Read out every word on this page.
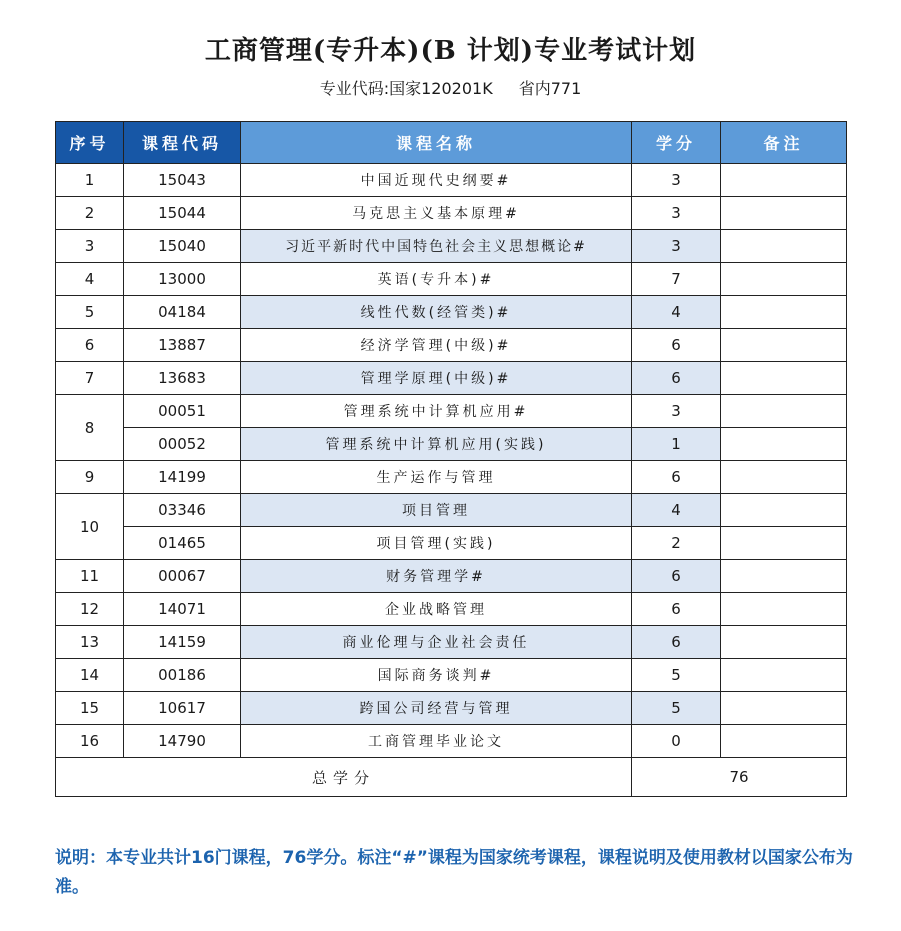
工商管理(专升本)(B 计划)专业考试计划
专业代码:国家120201K 省内771
序号	课程代码	课程名称	学分	备注
1	15043	中国近现代史纲要#	3	
2	15044	马克思主义基本原理#	3	
3	15040	习近平新时代中国特色社会主义思想概论#	3	
4	13000	英语(专升本)#	7	
5	04184	线性代数(经管类)#	4	
6	13887	经济学管理(中级)#	6	
7	13683	管理学原理(中级)#	6	
8	00051	管理系统中计算机应用#	3	
	00052	管理系统中计算机应用(实践)	1	
9	14199	生产运作与管理	6	
10	03346	项目管理	4	
	01465	项目管理(实践)	2	
11	00067	财务管理学#	6	
12	14071	企业战略管理	6	
13	14159	商业伦理与企业社会责任	6	
14	00186	国际商务谈判#	5	
15	10617	跨国公司经营与管理	5	
16	14790	工商管理毕业论文	0	
总学分			76	
说明：本专业共计16门课程，76学分。标注“#”课程为国家统考课程，课程说明及使用教材以国家公布为准。
